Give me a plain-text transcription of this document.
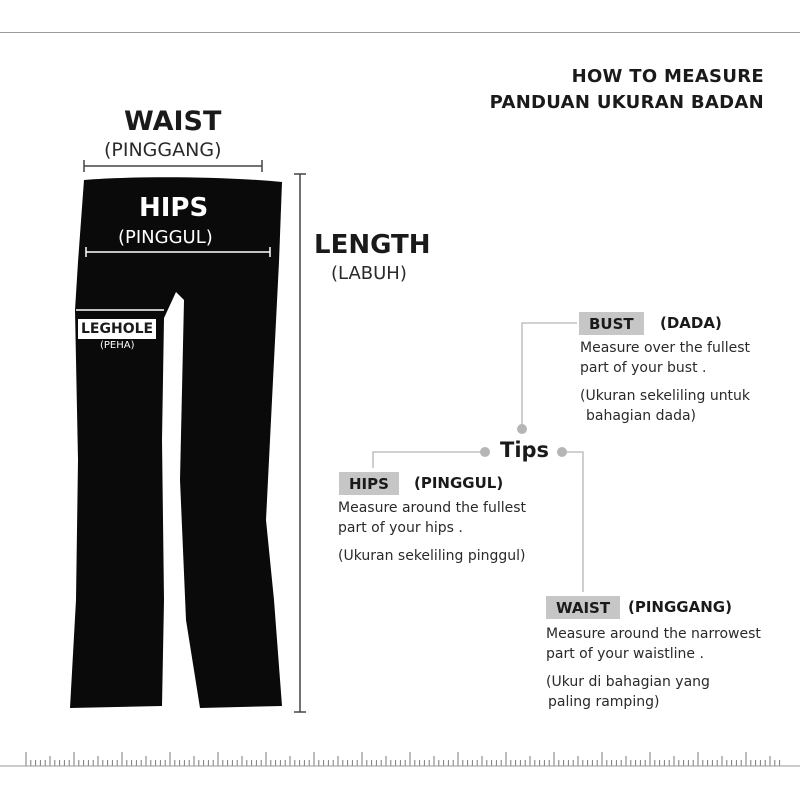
HOW TO MEASURE
PANDUAN UKURAN BADAN
WAIST
(PINGGANG)
HIPS
(PINGGUL)
LEGHOLE
(PEHA)
LENGTH
(LABUH)
Tips
BUST	(DADA)
Measure over the fullest
part of your bust .
(Ukuran sekeliling untuk
bahagian dada)
HIPS	(PINGGUL)
Measure around the fullest
part of your hips .
(Ukuran sekeliling pinggul)
WAIST	(PINGGANG)
Measure around the narrowest
part of your waistline .
(Ukur di bahagian yang
paling ramping)
